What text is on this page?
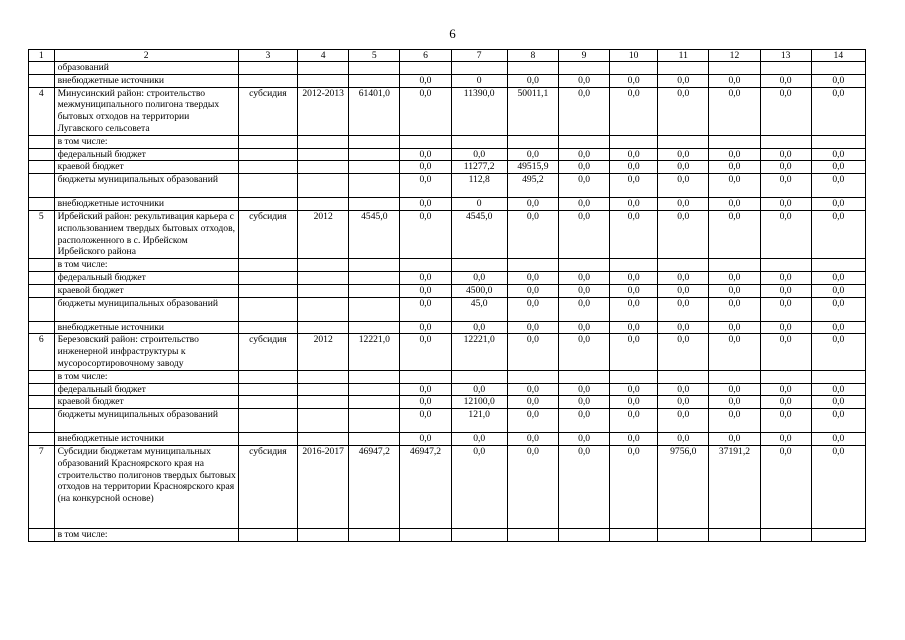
6
1	2	3	4	5	6	7	8	9	10	11	12	13	14
	образований												
	внебюджетные источники				0,0	0	0,0	0,0	0,0	0,0	0,0	0,0	0,0
4	Минусинский район: строительство межмуниципального полигона твердых бытовых отходов на территории Лугавского сельсовета	субсидия	2012-2013	61401,0	0,0	11390,0	50011,1	0,0	0,0	0,0	0,0	0,0	0,0
	в том числе:												
	федеральный бюджет				0,0	0,0	0,0	0,0	0,0	0,0	0,0	0,0	0,0
	краевой бюджет				0,0	11277,2	49515,9	0,0	0,0	0,0	0,0	0,0	0,0
	бюджеты муниципальных образований				0,0	112,8	495,2	0,0	0,0	0,0	0,0	0,0	0,0
	внебюджетные источники				0,0	0	0,0	0,0	0,0	0,0	0,0	0,0	0,0
5	Ирбейский район: рекультивация карьера с использованием твердых бытовых отходов, расположенного в с. Ирбейском Ирбейского района	субсидия	2012	4545,0	0,0	4545,0	0,0	0,0	0,0	0,0	0,0	0,0	0,0
	в том числе:												
	федеральный бюджет				0,0	0,0	0,0	0,0	0,0	0,0	0,0	0,0	0,0
	краевой бюджет				0,0	4500,0	0,0	0,0	0,0	0,0	0,0	0,0	0,0
	бюджеты муниципальных образований				0,0	45,0	0,0	0,0	0,0	0,0	0,0	0,0	0,0
	внебюджетные источники				0,0	0,0	0,0	0,0	0,0	0,0	0,0	0,0	0,0
6	Березовский район: строительство инженерной инфраструктуры к мусоросортировочному заводу	субсидия	2012	12221,0	0,0	12221,0	0,0	0,0	0,0	0,0	0,0	0,0	0,0
	в том числе:												
	федеральный бюджет				0,0	0,0	0,0	0,0	0,0	0,0	0,0	0,0	0,0
	краевой бюджет				0,0	12100,0	0,0	0,0	0,0	0,0	0,0	0,0	0,0
	бюджеты муниципальных образований				0,0	121,0	0,0	0,0	0,0	0,0	0,0	0,0	0,0
	внебюджетные источники				0,0	0,0	0,0	0,0	0,0	0,0	0,0	0,0	0,0
7	Субсидии бюджетам муниципальных образований Красноярского края на строительство полигонов твердых бытовых отходов на территории Красноярского края (на конкурсной основе)	субсидия	2016-2017	46947,2	46947,2	0,0	0,0	0,0	0,0	9756,0	37191,2	0,0	0,0
	в том числе:												
